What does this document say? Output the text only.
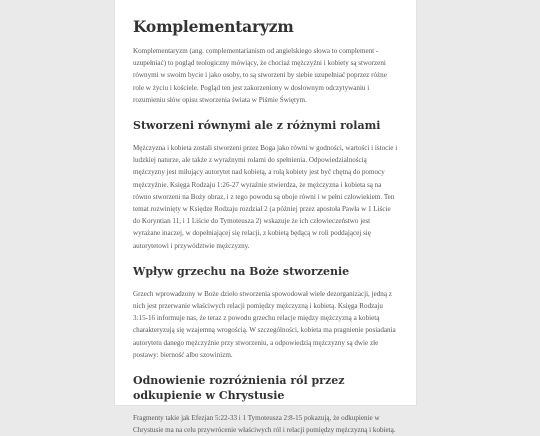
Komplementaryzm

Komplementaryzm (ang. complementarianism od angielskiego słowa to complement - uzupełniać) to pogląd teologiczny mówiący, że chociaż mężczyźni i kobiety są stworzeni równymi w swoim bycie i jako osoby, to są stworzeni by siebie uzupełniać poprzez różne role w życiu i kościele. Pogląd ten jest zakorzeniony w dosłownym odczytywaniu i rozumieniu słów opisu stworzenia świata w Piśmie Świętym.

Stworzeni równymi ale z różnymi rolami

Mężczyzna i kobieta zostali stworzeni przez Boga jako równi w godności, wartości i istocie i ludzkiej naturze, ale także z wyraźnymi rolami do spełnienia. Odpowiedzialnością mężczyzny jest miłujący autorytet nad kobietą, a rolą kobiety jest być chętną do pomocy mężczyźnie. Księga Rodzaju 1:26-27 wyraźnie stwierdza, że mężczyzna i kobieta są na równo stworzeni na Boży obraz, i z tego powodu są oboje równi i w pełni człowiekiem. Ten temat rozwinięty w Księdze Rodzaju rozdział 2 (a później przez apostoła Pawła w 1 Liście do Koryntian 11, i 1 Liście do Tymoteusza 2) wskazuje że ich człowieczeństwo jest wyrażane inaczej, w dopełniającej się relacji, z kobietą będącą w roli poddającej się autorytetowi i przywództwie mężczyzny.

Wpływ grzechu na Boże stworzenie

Grzech wprowadzony w Boże dzieło stworzenia spowodował wiele dezorganizacji, jedną z nich jest przerwanie właściwych relacji pomiędzy mężczyzną i kobietą. Księga Rodzaju 3:15-16 informuje nas, że teraz z powodu grzechu relacje między mężczyzną a kobietą charakteryzują się wzajemną wrogością. W szczególności, kobieta ma pragnienie posiadania autorytetu danego mężczyźnie przy stworzeniu, a odpowiedzią mężczyzny są dwie złe postawy: bierność albo szowinizm.

Odnowienie rozróżnienia ról przez odkupienie w Chrystusie

Fragmenty takie jak Efezjan 5:22-33 i 1 Tymoteusza 2:8-15 pokazują, że odkupienie w Chrystusie ma na celu przywrócenie właściwych ról i relacji pomiędzy mężczyzną i kobietą.
